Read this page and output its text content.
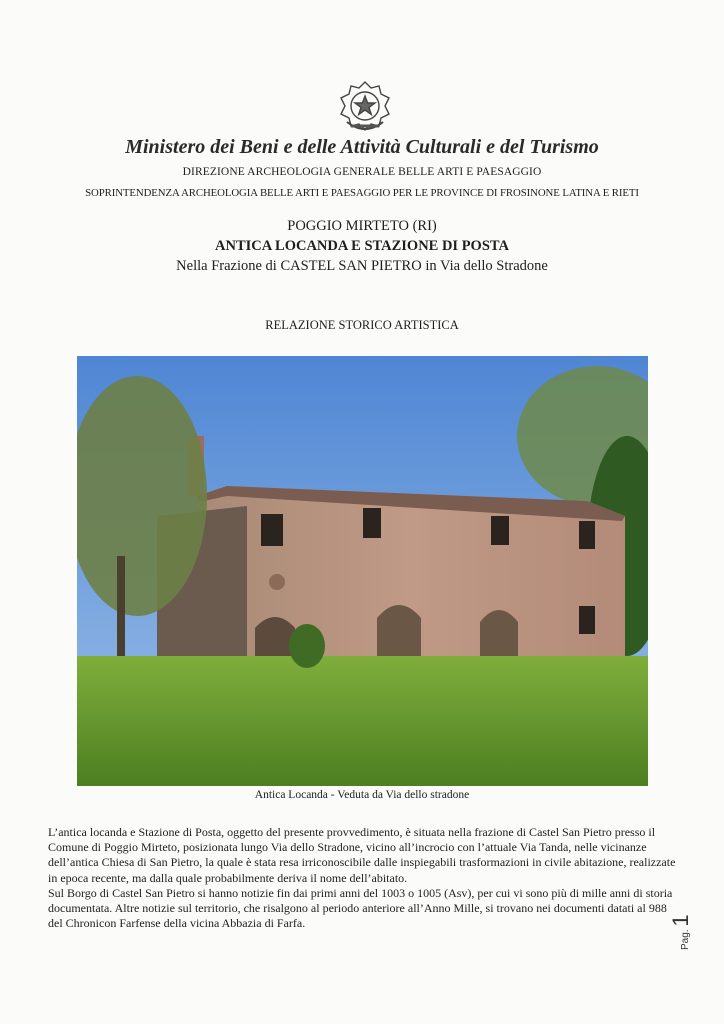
Ministero dei Beni e delle Attività Culturali e del Turismo
DIREZIONE ARCHEOLOGIA GENERALE BELLE ARTI E PAESAGGIO
SOPRINTENDENZA ARCHEOLOGIA BELLE ARTI E PAESAGGIO PER LE PROVINCE DI FROSINONE LATINA E RIETI
POGGIO MIRTETO (RI)
ANTICA LOCANDA E STAZIONE DI POSTA
Nella Frazione di CASTEL SAN PIETRO in Via dello Stradone
RELAZIONE STORICO ARTISTICA
Antica Locanda - Veduta da Via dello stradone

L’antica locanda e Stazione di Posta, oggetto del presente provvedimento, è situata nella frazione di Castel San Pietro presso il Comune di Poggio Mirteto, posizionata lungo Via dello Stradone, vicino all’incrocio con l’attuale Via Tanda, nelle vicinanze dell’antica Chiesa di San Pietro, la quale è stata resa irriconoscibile dalle inspiegabili trasformazioni in civile abitazione, realizzate in epoca recente, ma dalla quale probabilmente deriva il nome dell’abitato.

Sul Borgo di Castel San Pietro si hanno notizie fin dai primi anni del 1003 o 1005 (Asv), per cui vi sono più di mille anni di storia documentata. Altre notizie sul territorio, che risalgono al periodo anteriore all’Anno Mille, si trovano nei documenti datati al 988 del Chronicon Farfense della vicina Abbazia di Farfa.

Pag. 1
